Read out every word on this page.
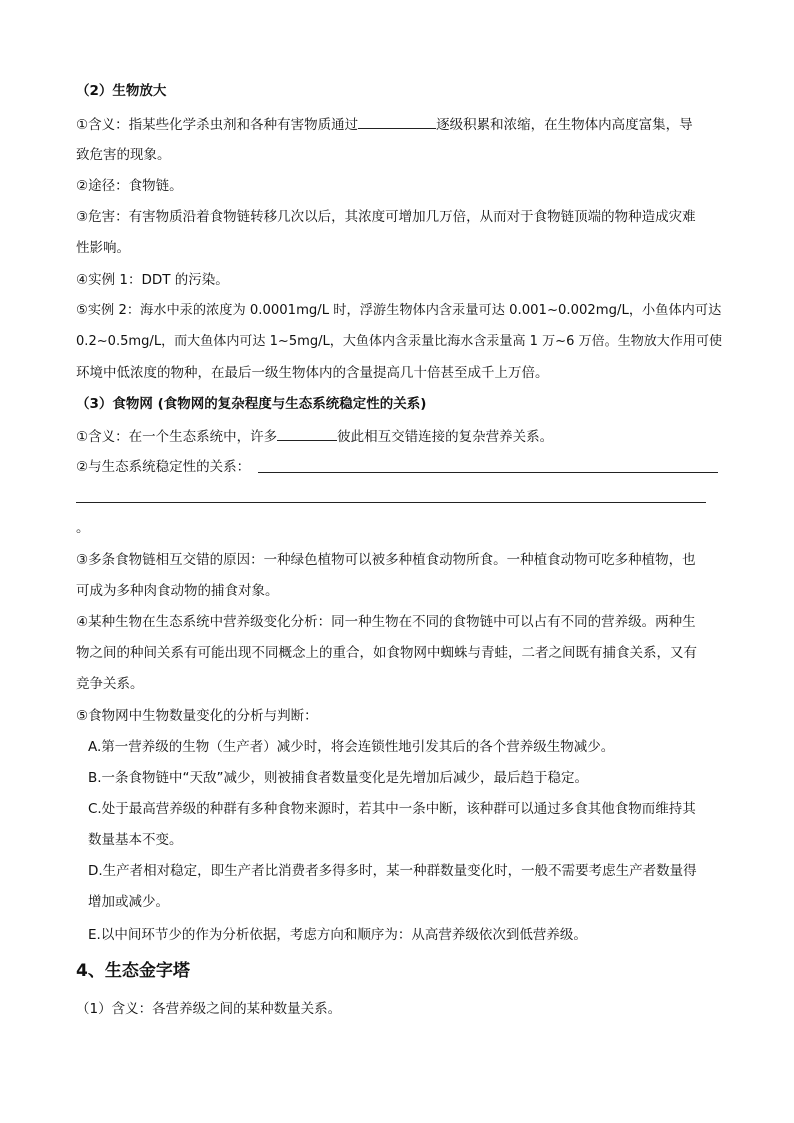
（2）生物放大
①含义：指某些化学杀虫剂和各种有害物质通过	逐级积累和浓缩，在生物体内高度富集，导
致危害的现象。
②途径：食物链。
③危害：有害物质沿着食物链转移几次以后，其浓度可增加几万倍，从而对于食物链顶端的物种造成灾难
性影响。
④实例 1：DDT 的污染。
⑤实例 2：海水中汞的浓度为 0.0001mg/L 时，浮游生物体内含汞量可达 0.001~0.002mg/L，小鱼体内可达
0.2~0.5mg/L，而大鱼体内可达 1~5mg/L，大鱼体内含汞量比海水含汞量高 1 万~6 万倍。生物放大作用可使
环境中低浓度的物种，在最后一级生物体内的含量提高几十倍甚至成千上万倍。
（3）食物网 (食物网的复杂程度与生态系统稳定性的关系)
①含义：在一个生态系统中，许多	彼此相互交错连接的复杂营养关系。
②与生态系统稳定性的关系：
。
③多条食物链相互交错的原因：一种绿色植物可以被多种植食动物所食。一种植食动物可吃多种植物，也
可成为多种肉食动物的捕食对象。
④某种生物在生态系统中营养级变化分析：同一种生物在不同的食物链中可以占有不同的营养级。两种生
物之间的种间关系有可能出现不同概念上的重合，如食物网中蜘蛛与青蛙，二者之间既有捕食关系，又有
竞争关系。
⑤食物网中生物数量变化的分析与判断：
A.第一营养级的生物（生产者）减少时，将会连锁性地引发其后的各个营养级生物减少。
B.一条食物链中“天敌”减少，则被捕食者数量变化是先增加后减少，最后趋于稳定。
C.处于最高营养级的种群有多种食物来源时，若其中一条中断，该种群可以通过多食其他食物而维持其
数量基本不变。
D.生产者相对稳定，即生产者比消费者多得多时，某一种群数量变化时，一般不需要考虑生产者数量得
增加或减少。
E.以中间环节少的作为分析依据，考虑方向和顺序为：从高营养级依次到低营养级。
4、生态金字塔
（1）含义：各营养级之间的某种数量关系。
